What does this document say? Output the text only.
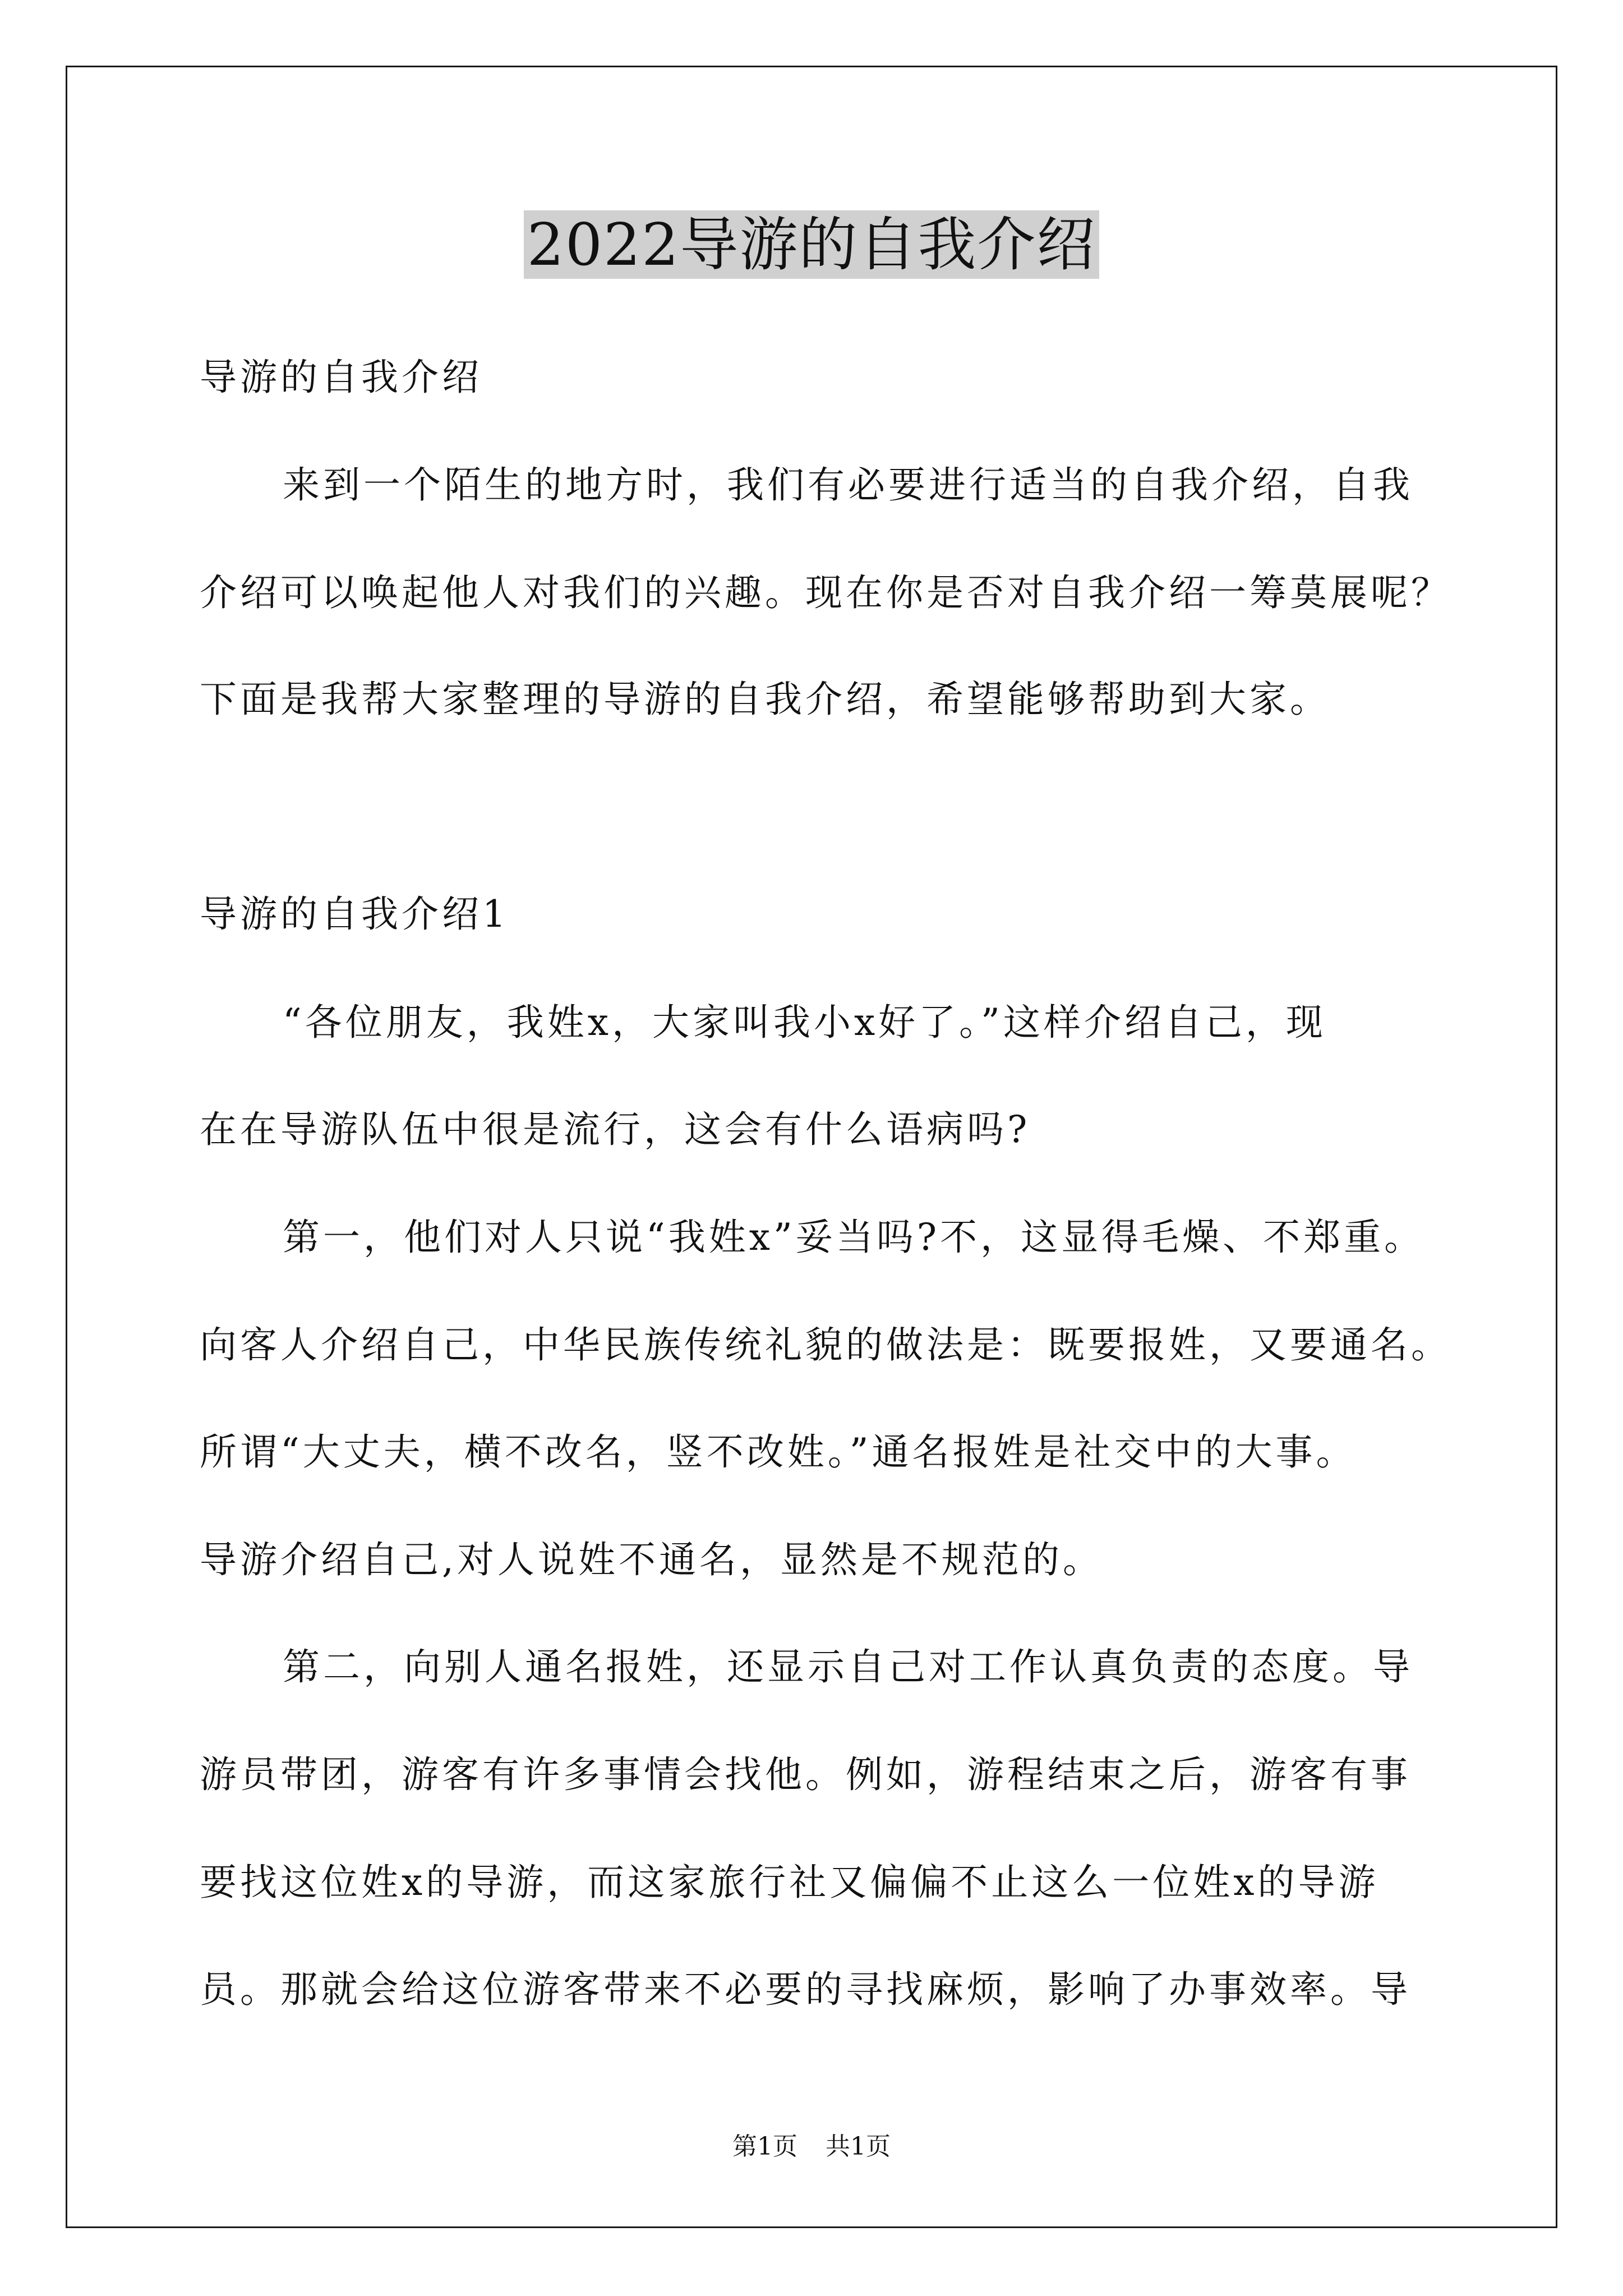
2022导游的自我介绍
导游的自我介绍
来到一个陌生的地方时，我们有必要进行适当的自我介绍，自我
介绍可以唤起他人对我们的兴趣。现在你是否对自我介绍一筹莫展呢？
下面是我帮大家整理的导游的自我介绍，希望能够帮助到大家。
导游的自我介绍1
“各位朋友，我姓x，大家叫我小x好了。”这样介绍自己，现
在在导游队伍中很是流行，这会有什么语病吗?
第一，他们对人只说“我姓x”妥当吗?不，这显得毛燥、不郑重。
向客人介绍自己，中华民族传统礼貌的做法是：既要报姓，又要通名。
所谓“大丈夫，横不改名，竖不改姓。”通名报姓是社交中的大事。
导游介绍自己,对人说姓不通名，显然是不规范的。
第二，向别人通名报姓，还显示自己对工作认真负责的态度。导
游员带团，游客有许多事情会找他。例如，游程结束之后，游客有事
要找这位姓x的导游，而这家旅行社又偏偏不止这么一位姓x的导游
员。那就会给这位游客带来不必要的寻找麻烦，影响了办事效率。导
第1页 共1页
